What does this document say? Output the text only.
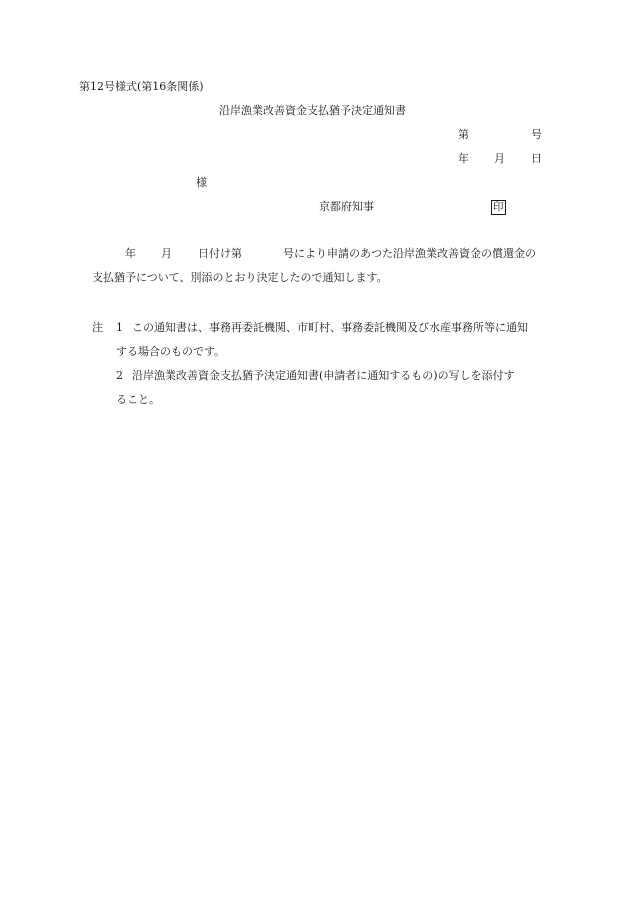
第12号様式(第16条関係)
沿岸漁業改善資金支払猶予決定通知書
第	号
年 月 日
様
京都府知事	印
年 月 日付け第	号により申請のあつた沿岸漁業改善資金の償還金の
支払猶予について、別添のとおり決定したので通知します。
注 1 この通知書は、事務再委託機関、市町村、事務委託機関及び水産事務所等に通知
する場合のものです。
2 沿岸漁業改善資金支払猶予決定通知書(申請者に通知するもの)の写しを添付す
ること。
